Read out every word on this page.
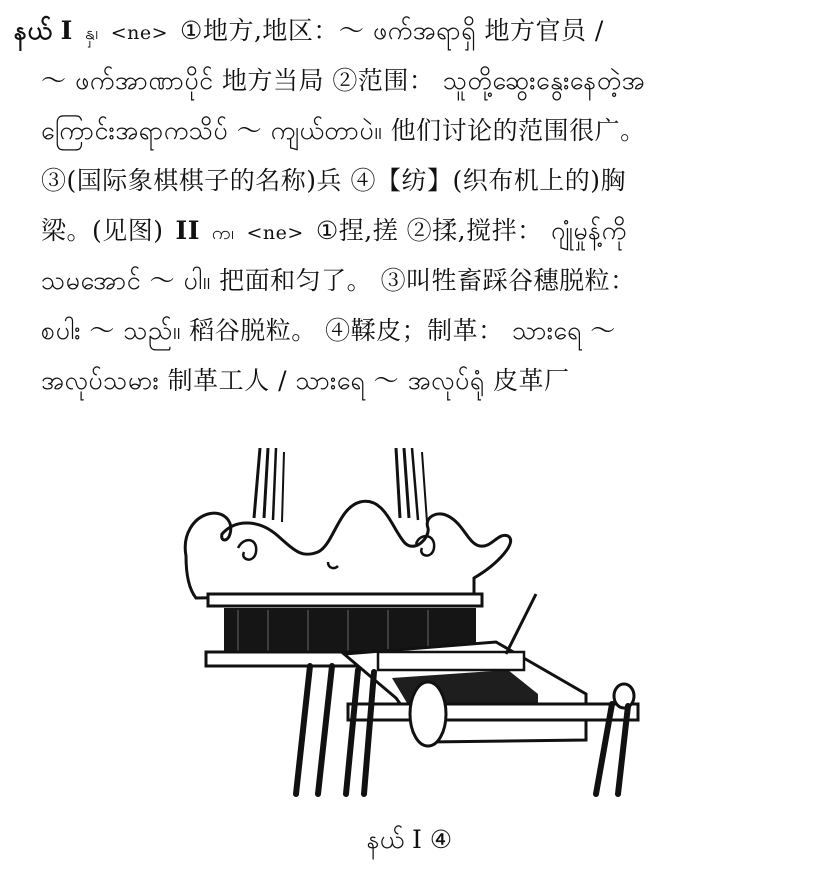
နယ် I နှ၊ <ne> ①地方,地区：～ ဖက်အရာရှိ 地方官员 /
～ ဖက်အာဏာပိုင် 地方当局 ②范围： သူတို့ဆွေးနွေးနေတဲ့အ
ကြောင်းအရာကသိပ် ～ ကျယ်တာပဲ။ 他们讨论的范围很广。
③(国际象棋棋子的名称)兵 ④【纺】(织布机上的)胸
梁。(见图) II က၊ <ne> ①捏,搓 ②揉,搅拌： ဂျုံမှုန့်ကို
သမအောင် ～ ပါ။ 把面和匀了。 ③叫牲畜踩谷穗脱粒：
စပါး ～ သည်။ 稻谷脱粒。 ④鞣皮；制革： သားရေ ～
အလုပ်သမား 制革工人 / သားရေ ～ အလုပ်ရုံ 皮革厂
နယ် I ④
